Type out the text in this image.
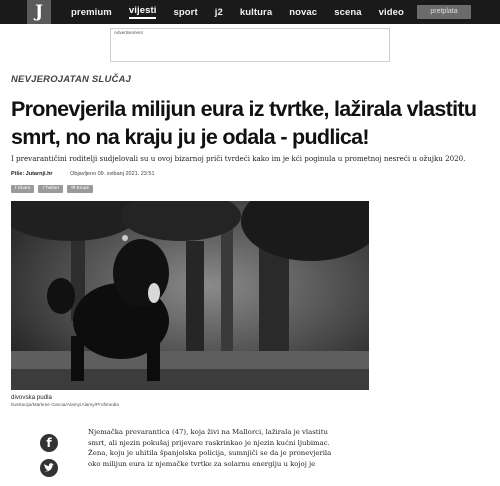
J	premium vijesti sport j2 kultura novac scena video	pretplata
Advertisement
NEVJEROJATAN SLUČAJ
Pronevjerila milijun eura iz tvrtke, lažirala vlastitu smrt, no na kraju ju je odala - pudlica!

I prevarantičini roditelji sudjelovali su u ovoj bizarnoj priči tvrdeći kako im je kći poginula u prometnoj nesreći u ožujku 2020.

Piše: Jutarnji.hr	Objavljeno 09. svibanj 2021. 23:51
f Share	t Twitter	✉ Email
divovska pudla
Ilustracija/Marlene Garcia/Alamy/Alamy/Profimedia
f

Njemačka prevarantica (47), koja živi na Mallorci, lažirala je vlastitu smrt, ali njezin pokušaj prijevare raskrinkao je njezin kućni ljubimac. Žena, koju je uhitila španjolska policija, sumnjiči se da je pronevjerila oko milijun eura iz njemačke tvrtke za solarnu energiju u kojoj je
